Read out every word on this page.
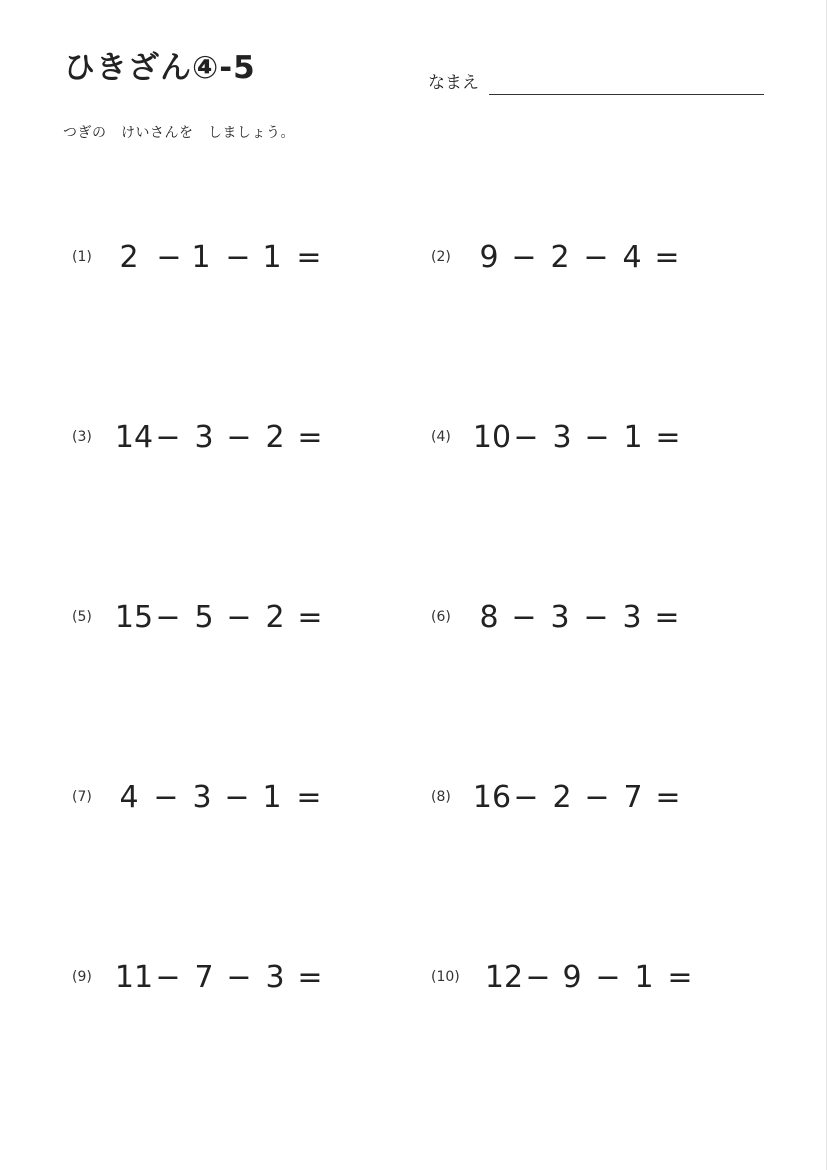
ひきざん④-5	なまえ
つぎの　けいさんを　しましょう。
(1) 2 − 1 − 1 =	(2) 9 − 2 − 4 =
(3) 14 − 3 − 2 =	(4) 10 − 3 − 1 =
(5) 15 − 5 − 2 =	(6) 8 − 3 − 3 =
(7) 4 − 3 − 1 =	(8) 16 − 2 − 7 =
(9) 11 − 7 − 3 =	(10) 12 − 9 − 1 =
